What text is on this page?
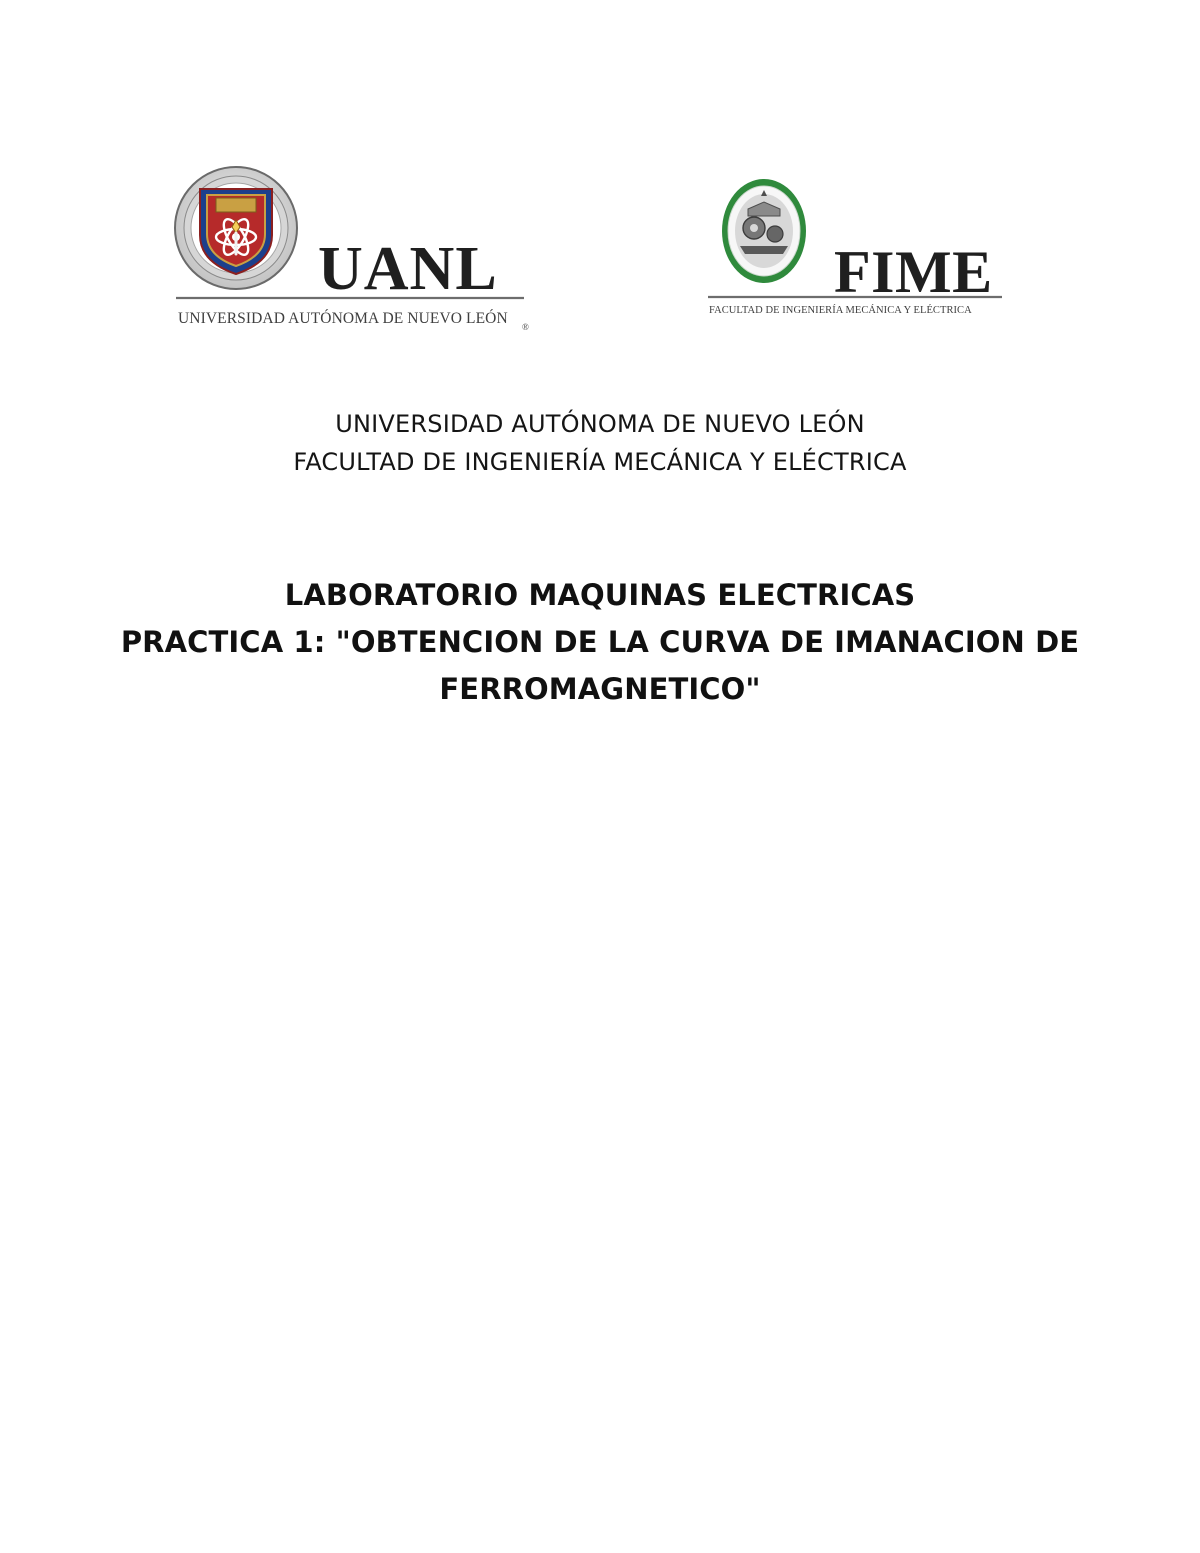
UANL
UNIVERSIDAD AUTÓNOMA DE NUEVO LEÓN ®
FIME
FACULTAD DE INGENIERÍA MECÁNICA Y ELÉCTRICA
UNIVERSIDAD AUTÓNOMA DE NUEVO LEÓN
FACULTAD DE INGENIERÍA MECÁNICA Y ELÉCTRICA
LABORATORIO MAQUINAS ELECTRICAS
PRACTICA 1: "OBTENCION DE LA CURVA DE IMANACION DE
FERROMAGNETICO"
